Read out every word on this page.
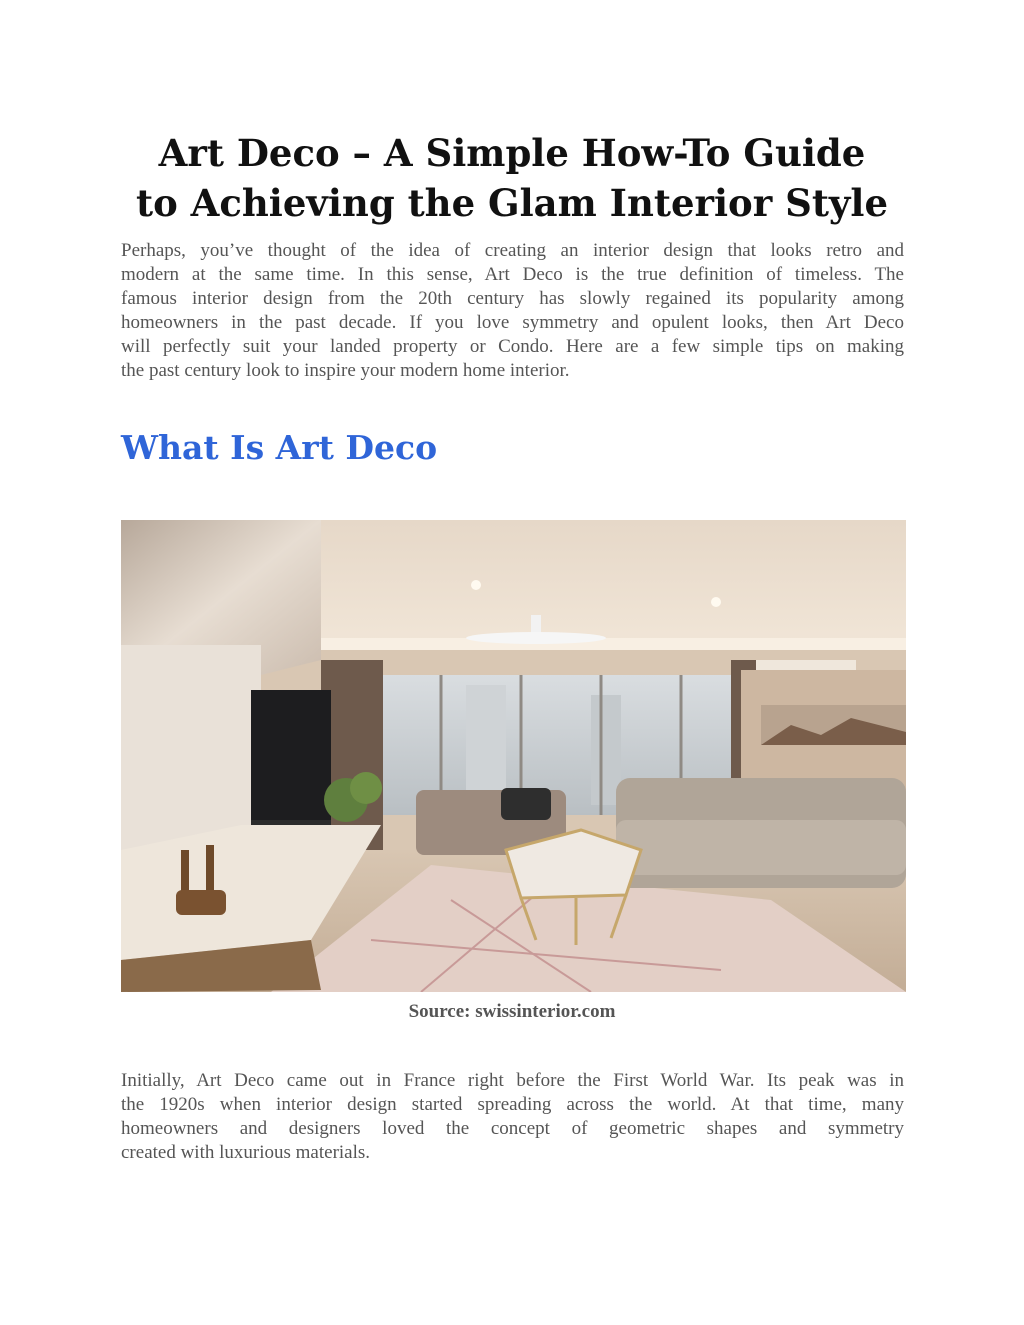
Art Deco – A Simple How-To Guide
to Achieving the Glam Interior Style

Perhaps, you’ve thought of the idea of creating an interior design that looks retro and
modern at the same time. In this sense, Art Deco is the true definition of timeless. The
famous interior design from the 20th century has slowly regained its popularity among
homeowners in the past decade. If you love symmetry and opulent looks, then Art Deco
will perfectly suit your landed property or Condo. Here are a few simple tips on making
the past century look to inspire your modern home interior.

What Is Art Deco
Source: swissinterior.com

Initially, Art Deco came out in France right before the First World War. Its peak was in
the 1920s when interior design started spreading across the world. At that time, many
homeowners and designers loved the concept of geometric shapes and symmetry
created with luxurious materials.
